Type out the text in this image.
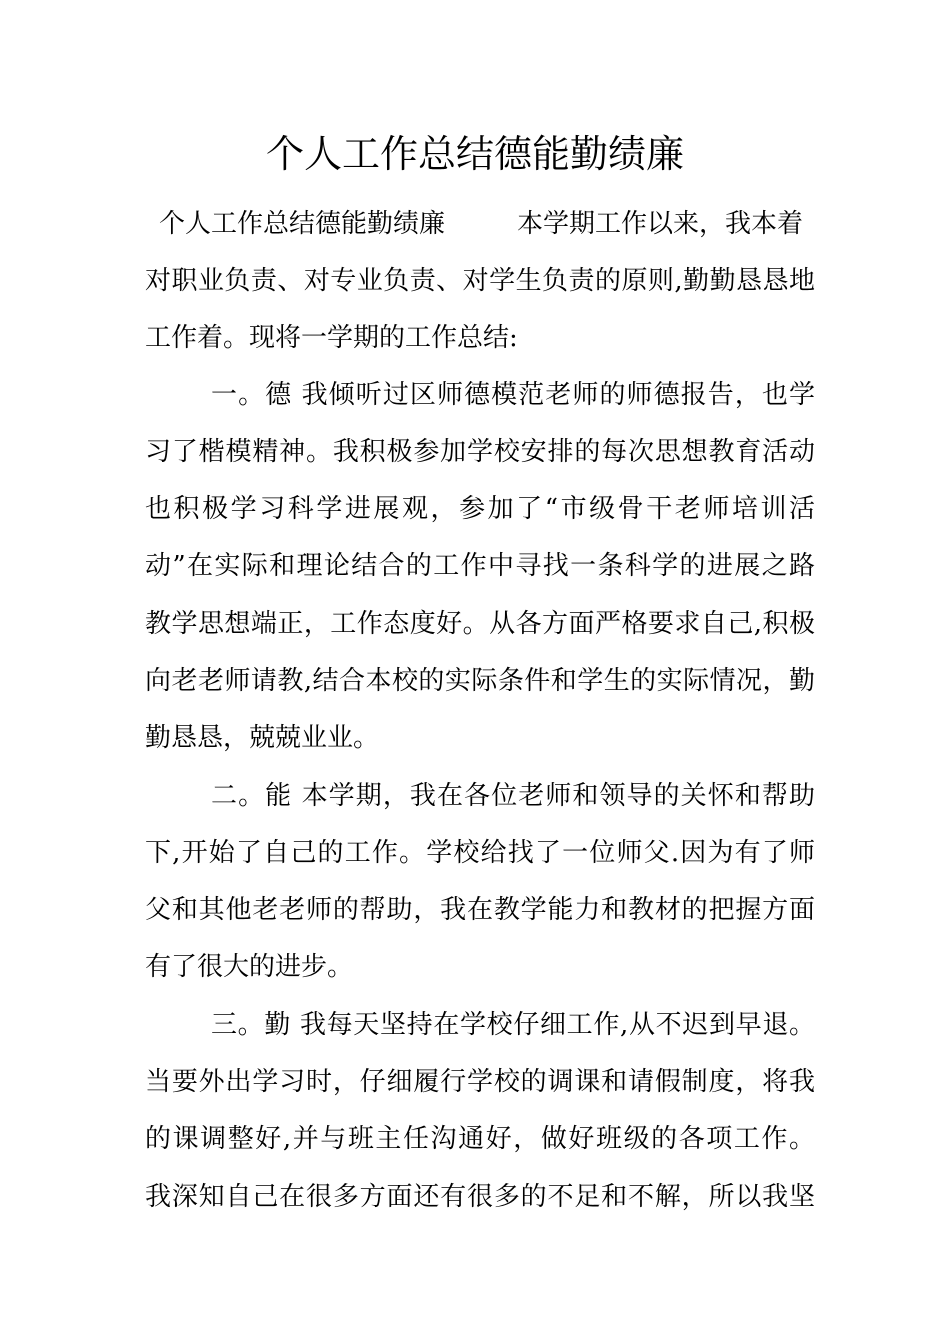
个人工作总结德能勤绩廉

个人工作总结德能勤绩廉	本学期工作以来，我本着

对职业负责、对专业负责、对学生负责的原则,勤勤恳恳地

工作着。现将一学期的工作总结:

一。德 我倾听过区师德模范老师的师德报告，也学

习了楷模精神。我积极参加学校安排的每次思想教育活动

也积极学习科学进展观，参加了“市级骨干老师培训活

动”在实际和理论结合的工作中寻找一条科学的进展之路

教学思想端正，工作态度好。从各方面严格要求自己,积极

向老老师请教,结合本校的实际条件和学生的实际情况，勤

勤恳恳，兢兢业业。

二。能 本学期，我在各位老师和领导的关怀和帮助

下,开始了自己的工作。学校给找了一位师父.因为有了师

父和其他老老师的帮助，我在教学能力和教材的把握方面

有了很大的进步。

三。勤 我每天坚持在学校仔细工作,从不迟到早退。

当要外出学习时，仔细履行学校的调课和请假制度，将我

的课调整好,并与班主任沟通好，做好班级的各项工作。

我深知自己在很多方面还有很多的不足和不解，所以我坚
